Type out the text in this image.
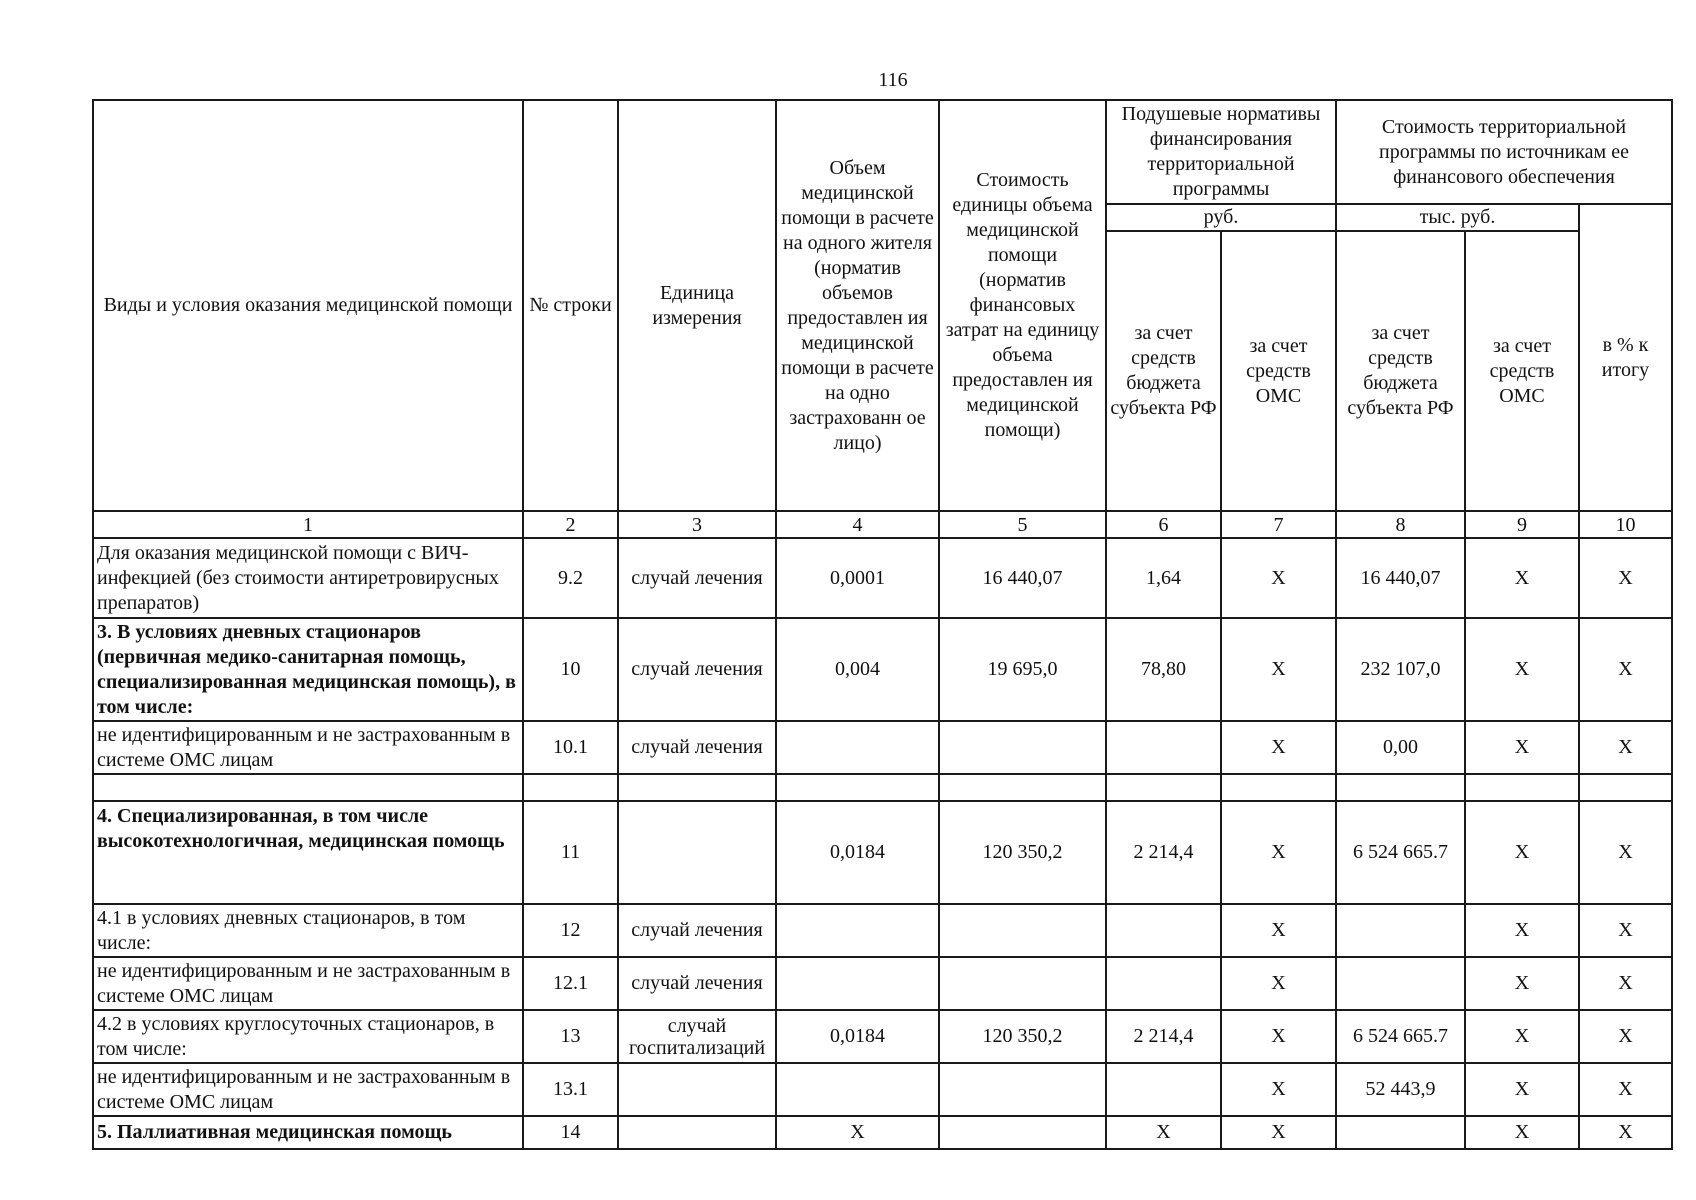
116
Виды и условия оказания медицинской помощи	№ строки	Единица измерения	Объем медицинской помощи в расчете на одного жителя (норматив объемов предоставлен ия медицинской помощи в расчете на одно застрахованн ое лицо)	Стоимость единицы объема медицинской помощи (норматив финансовых затрат на единицу объема предоставлен ия медицинской помощи)	Подушевые нормативы финансирования территориальной программы		Стоимость территориальной программы по источникам ее финансового обеспечения		
					руб.		тыс. руб.		в % к итогу
					за счет средств бюджета субъекта РФ	за счет средств ОМС	за счет средств бюджета субъекта РФ	за счет средств ОМС	
1	2	3	4	5	6	7	8	9	10
Для оказания медицинской помощи с ВИЧ-инфекцией (без стоимости антиретровирусных препаратов)	9.2	случай лечения	0,0001	16 440,07	1,64	X	16 440,07	X	X
3. В условиях дневных стационаров (первичная медико-санитарная помощь, специализированная медицинская помощь), в том числе:	10	случай лечения	0,004	19 695,0	78,80	X	232 107,0	X	X
не идентифицированным и не застрахованным в системе ОМС лицам	10.1	случай лечения				X	0,00	X	X

4. Специализированная, в том числе высокотехнологичная, медицинская помощь	11		0,0184	120 350,2	2 214,4	X	6 524 665.7	X	X
4.1 в условиях дневных стационаров, в том числе:	12	случай лечения				X		X	X
не идентифицированным и не застрахованным в системе ОМС лицам	12.1	случай лечения				X		X	X
4.2 в условиях круглосуточных стационаров, в том числе:	13	случай госпитализаций	0,0184	120 350,2	2 214,4	X	6 524 665.7	X	X
не идентифицированным и не застрахованным в системе ОМС лицам	13.1					X	52 443,9	X	X
5. Паллиативная медицинская помощь	14		X		X	X		X	X
